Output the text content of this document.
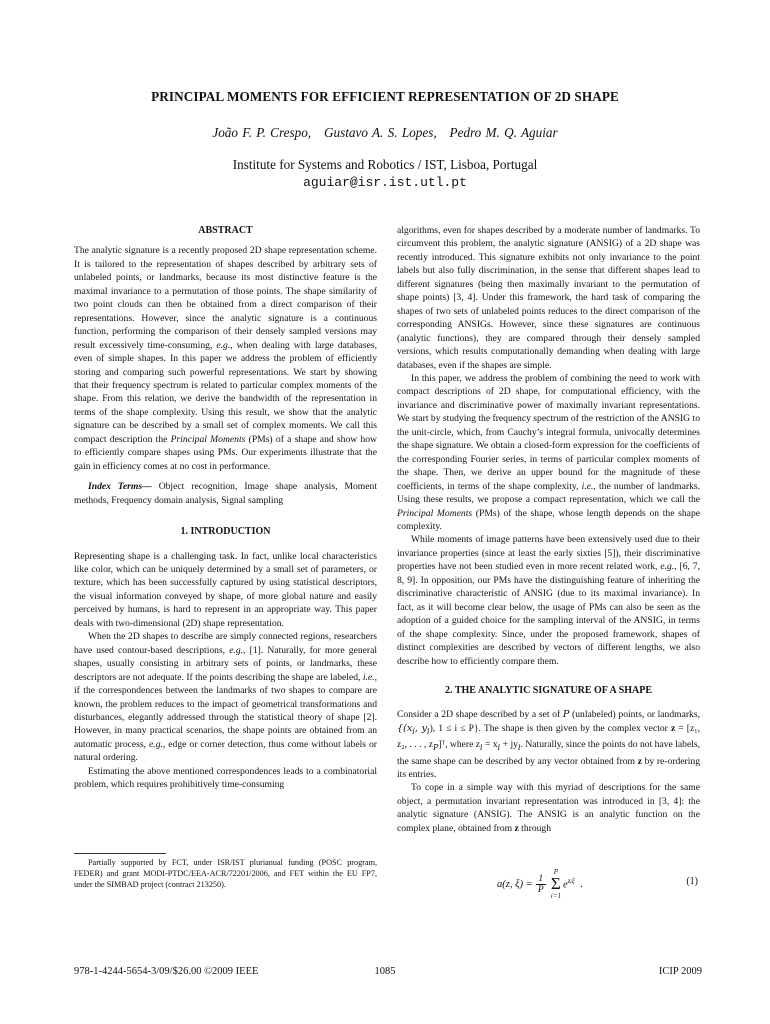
PRINCIPAL MOMENTS FOR EFFICIENT REPRESENTATION OF 2D SHAPE
João F. P. Crespo,   Gustavo A. S. Lopes,   Pedro M. Q. Aguiar
Institute for Systems and Robotics / IST, Lisboa, Portugal
aguiar@isr.ist.utl.pt

ABSTRACT

The analytic signature is a recently proposed 2D shape representation scheme. It is tailored to the representation of shapes described by arbitrary sets of unlabeled points, or landmarks, because its most distinctive feature is the maximal invariance to a permutation of those points. The shape similarity of two point clouds can then be obtained from a direct comparison of their representations. However, since the analytic signature is a continuous function, performing the comparison of their densely sampled versions may result excessively time-consuming, e.g., when dealing with large databases, even of simple shapes. In this paper we address the problem of efficiently storing and comparing such powerful representations. We start by showing that their frequency spectrum is related to particular complex moments of the shape. From this relation, we derive the bandwidth of the representation in terms of the shape complexity. Using this result, we show that the analytic signature can be described by a small set of complex moments. We call this compact description the Principal Moments (PMs) of a shape and show how to efficiently compare shapes using PMs. Our experiments illustrate that the gain in efficiency comes at no cost in performance.

Index Terms— Object recognition, Image shape analysis, Moment methods, Frequency domain analysis, Signal sampling

1. INTRODUCTION

Representing shape is a challenging task. In fact, unlike local characteristics like color, which can be uniquely determined by a small set of parameters, or texture, which has been successfully captured by using statistical descriptors, the visual information conveyed by shape, of more global nature and easily perceived by humans, is hard to represent in an appropriate way. This paper deals with two-dimensional (2D) shape representation.

When the 2D shapes to describe are simply connected regions, researchers have used contour-based descriptions, e.g., [1]. Naturally, for more general shapes, usually consisting in arbitrary sets of points, or landmarks, these descriptors are not adequate. If the points describing the shape are labeled, i.e., if the correspondences between the landmarks of two shapes to compare are known, the problem reduces to the impact of geometrical transformations and disturbances, elegantly addressed through the statistical theory of shape [2]. However, in many practical scenarios, the shape points are obtained from an automatic process, e.g., edge or corner detection, thus come without labels or natural ordering.

Estimating the above mentioned correspondences leads to a combinatorial problem, which requires prohibitively time-consuming

Partially supported by FCT, under ISR/IST plurianual funding (POSC program, FEDER) and grant MODI-PTDC/EEA-ACR/72201/2006, and FET within the EU FP7, under the SIMBAD project (contract 213250).

algorithms, even for shapes described by a moderate number of landmarks. To circumvent this problem, the analytic signature (ANSIG) of a 2D shape was recently introduced. This signature exhibits not only invariance to the point labels but also fully discrimination, in the sense that different shapes lead to different signatures (being then maximally invariant to the permutation of shape points) [3, 4]. Under this framework, the hard task of comparing the shapes of two sets of unlabeled points reduces to the direct comparison of the corresponding ANSIGs. However, since these signatures are continuous (analytic functions), they are compared through their densely sampled versions, which results computationally demanding when dealing with large databases, even if the shapes are simple.

In this paper, we address the problem of combining the need to work with compact descriptions of 2D shape, for computational efficiency, with the invariance and discriminative power of maximally invariant representations. We start by studying the frequency spectrum of the restriction of the ANSIG to the unit-circle, which, from Cauchy’s integral formula, univocally determines the shape signature. We obtain a closed-form expression for the coefficients of the corresponding Fourier series, in terms of particular complex moments of the shape. Then, we derive an upper bound for the magnitude of these coefficients, in terms of the shape complexity, i.e., the number of landmarks. Using these results, we propose a compact representation, which we call the Principal Moments (PMs) of the shape, whose length depends on the shape complexity.

While moments of image patterns have been extensively used due to their invariance properties (since at least the early sixties [5]), their discriminative properties have not been studied even in more recent related work, e.g., [6, 7, 8, 9]. In opposition, our PMs have the distinguishing feature of inheriting the discriminative characteristic of ANSIG (due to its maximal invariance). In fact, as it will become clear below, the usage of PMs can also be seen as the adoption of a guided choice for the sampling interval of the ANSIG, in terms of the shape complexity. Since, under the proposed framework, shapes of distinct complexities are described by vectors of different lengths, we also describe how to efficiently compare them.

2. THE ANALYTIC SIGNATURE OF A SHAPE

Consider a 2D shape described by a set of P (unlabeled) points, or landmarks, {($x_i$, $y_i$), 1 ≤ i ≤ P}. The shape is then given by the complex vector z = [z₁, z₂, . . . , $z_P]ᵀ$, where $z_i = x_i + jy_i$. Naturally, since the points do not have labels, the same shape can be described by any vector obtained from z by re-ordering its entries.

To cope in a simple way with this myriad of descriptions for the same object, a permutation invariant representation was introduced in [3, 4]: the analytic signature (ANSIG). The ANSIG is an analytic function on the complex plane, obtained from z through

a(z, $\xi) = \frac{1}{P}$
P
Σ
i=1
$e^{zᵢ\xi}$ .	(1)
978-1-4244-5654-3/09/$26.00 ©2009 IEEE	1085	ICIP 2009
